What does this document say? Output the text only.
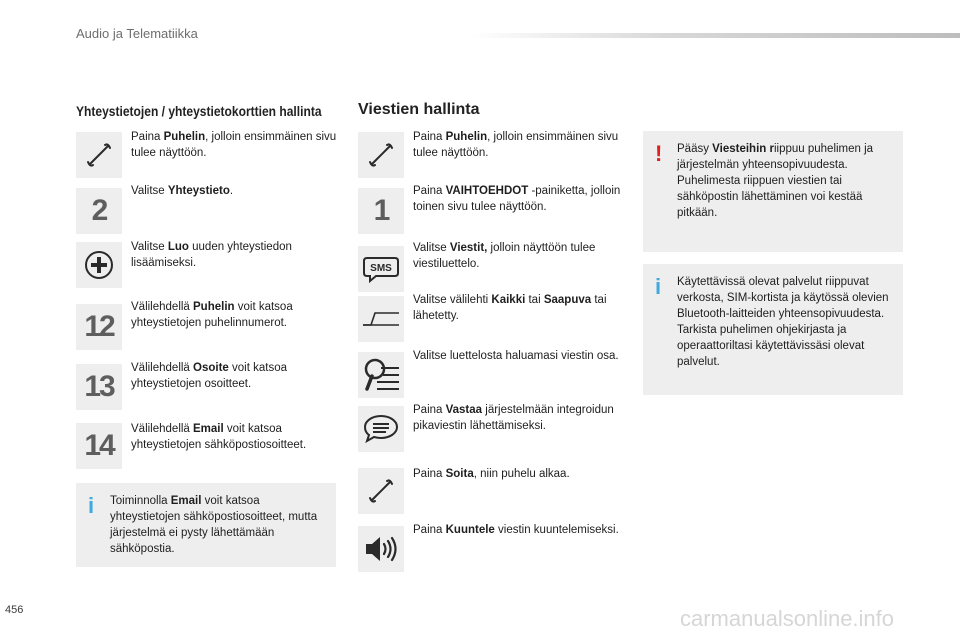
Audio ja Telematiikka
Yhteystietojen / yhteystietokorttien hallinta
Paina Puhelin, jolloin ensimmäinen sivu tulee näyttöön.
2
Valitse Yhteystieto.
Valitse Luo uuden yhteystiedon lisäämiseksi.
12
Välilehdellä Puhelin voit katsoa yhteystietojen puhelinnumerot.
13
Välilehdellä Osoite voit katsoa yhteystietojen osoitteet.
14 Välilehdellä Email voit katsoa yhteystietojen sähköpostiosoitteet.
i Toiminnolla Email voit katsoa yhteystietojen sähköpostiosoitteet, mutta järjestelmä ei pysty lähettämään sähköpostia.
Viestien hallinta
Paina Puhelin, jolloin ensimmäinen sivu tulee näyttöön.
1
Paina VAIHTOEHDOT -painiketta, jolloin toinen sivu tulee näyttöön.
SMS
Valitse Viestit, jolloin näyttöön tulee viestiluettelo.
Valitse välilehti Kaikki tai Saapuva tai lähetetty.
Valitse luettelosta haluamasi viestin osa.
Paina Vastaa järjestelmään integroidun pikaviestin lähettämiseksi.
Paina Soita, niin puhelu alkaa.
Paina Kuuntele viestin kuuntelemiseksi.
! Pääsy Viesteihin riippuu puhelimen ja järjestelmän yhteensopivuudesta. Puhelimesta riippuen viestien tai sähköpostin lähettäminen voi kestää pitkään.
i Käytettävissä olevat palvelut riippuvat verkosta, SIM-kortista ja käytössä olevien Bluetooth-laitteiden yhteensopivuudesta. Tarkista puhelimen ohjekirjasta ja operaattoriltasi käytettävissäsi olevat palvelut.
456	carmanualsonline.info
